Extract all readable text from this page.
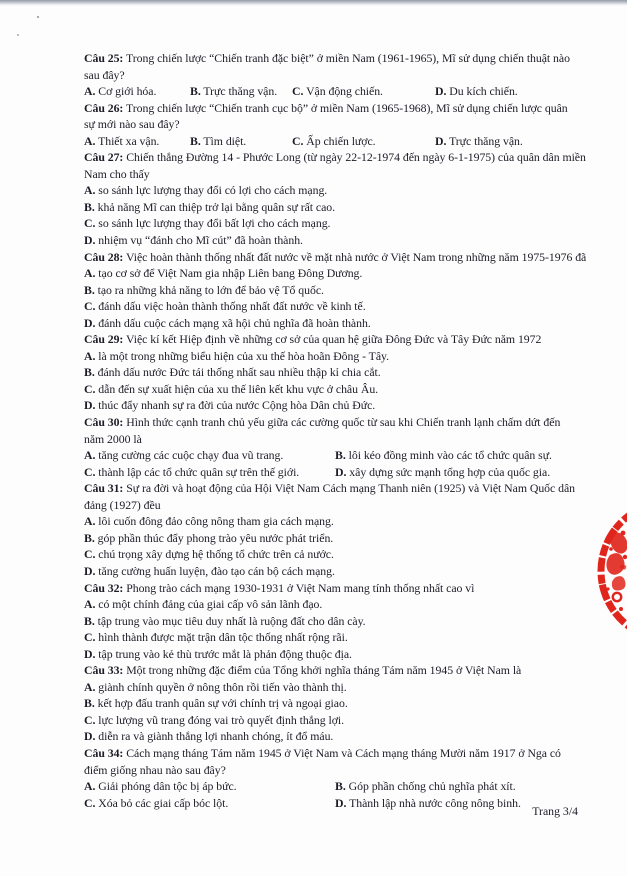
Câu 25: Trong chiến lược “Chiến tranh đặc biệt” ở miền Nam (1961-1965), Mĩ sử dụng chiến thuật nào
sau đây?
A. Cơ giới hóa.	B. Trực thăng vận.	C. Vận động chiến.	D. Du kích chiến.
Câu 26: Trong chiến lược “Chiến tranh cục bộ” ở miền Nam (1965-1968), Mĩ sử dụng chiến lược quân
sự mới nào sau đây?
A. Thiết xa vận.	B. Tìm diệt.	C. Ấp chiến lược.	D. Trực thăng vận.
Câu 27: Chiến thắng Đường 14 - Phước Long (từ ngày 22-12-1974 đến ngày 6-1-1975) của quân dân miền
Nam cho thấy
A. so sánh lực lượng thay đổi có lợi cho cách mạng.
B. khả năng Mĩ can thiệp trở lại bằng quân sự rất cao.
C. so sánh lực lượng thay đổi bất lợi cho cách mạng.
D. nhiệm vụ “đánh cho Mĩ cút” đã hoàn thành.
Câu 28: Việc hoàn thành thống nhất đất nước về mặt nhà nước ở Việt Nam trong những năm 1975-1976 đã
A. tạo cơ sở để Việt Nam gia nhập Liên bang Đông Dương.
B. tạo ra những khả năng to lớn để bảo vệ Tổ quốc.
C. đánh dấu việc hoàn thành thống nhất đất nước về kinh tế.
D. đánh dấu cuộc cách mạng xã hội chủ nghĩa đã hoàn thành.
Câu 29: Việc kí kết Hiệp định về những cơ sở của quan hệ giữa Đông Đức và Tây Đức năm 1972
A. là một trong những biểu hiện của xu thế hòa hoãn Đông - Tây.
B. đánh dấu nước Đức tái thống nhất sau nhiều thập kỉ chia cắt.
C. dẫn đến sự xuất hiện của xu thế liên kết khu vực ở châu Âu.
D. thúc đẩy nhanh sự ra đời của nước Cộng hòa Dân chủ Đức.
Câu 30: Hình thức cạnh tranh chủ yếu giữa các cường quốc từ sau khi Chiến tranh lạnh chấm dứt đến
năm 2000 là
A. tăng cường các cuộc chạy đua vũ trang.	B. lôi kéo đồng minh vào các tổ chức quân sự.
C. thành lập các tổ chức quân sự trên thế giới.	D. xây dựng sức mạnh tổng hợp của quốc gia.
Câu 31: Sự ra đời và hoạt động của Hội Việt Nam Cách mạng Thanh niên (1925) và Việt Nam Quốc dân
đảng (1927) đều
A. lôi cuốn đông đảo công nông tham gia cách mạng.
B. góp phần thúc đẩy phong trào yêu nước phát triển.
C. chú trọng xây dựng hệ thống tổ chức trên cả nước.
D. tăng cường huấn luyện, đào tạo cán bộ cách mạng.
Câu 32: Phong trào cách mạng 1930-1931 ở Việt Nam mang tính thống nhất cao vì
A. có một chính đảng của giai cấp vô sản lãnh đạo.
B. tập trung vào mục tiêu duy nhất là ruộng đất cho dân cày.
C. hình thành được mặt trận dân tộc thống nhất rộng rãi.
D. tập trung vào kẻ thù trước mắt là phản động thuộc địa.
Câu 33: Một trong những đặc điểm của Tổng khởi nghĩa tháng Tám năm 1945 ở Việt Nam là
A. giành chính quyền ở nông thôn rồi tiến vào thành thị.
B. kết hợp đấu tranh quân sự với chính trị và ngoại giao.
C. lực lượng vũ trang đóng vai trò quyết định thắng lợi.
D. diễn ra và giành thắng lợi nhanh chóng, ít đổ máu.
Câu 34: Cách mạng tháng Tám năm 1945 ở Việt Nam và Cách mạng tháng Mười năm 1917 ở Nga có
điểm giống nhau nào sau đây?
A. Giải phóng dân tộc bị áp bức.	B. Góp phần chống chủ nghĩa phát xít.
C. Xóa bỏ các giai cấp bóc lột.	D. Thành lập nhà nước công nông binh.
Trang 3/4
